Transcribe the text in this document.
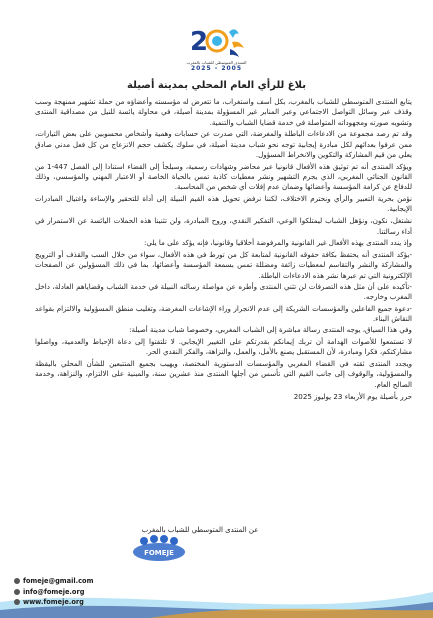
2
المنتدى المتوسطي للشباب بالمغرب
2025 - 2005
بلاغ للرأي العام المحلي بمدينة أصيلة

يتابع المنتدى المتوسطي للشباب بالمغرب، بكل أسف واستغراب، ما تتعرض له مؤسسته وأعضاؤه من حملة تشهير ممنهجة وسب وقذف عبر وسائل التواصل الاجتماعي وعبر المنابر غير المسؤولة بمدينة أصيلة، في محاولة يائسة للنيل من مصداقية المنتدى وتشويه صورته ومجهوداته المتواصلة في خدمة قضايا الشباب والتنمية.

وقد تم رصد مجموعة من الادعاءات الباطلة والمغرضة، التي صدرت عن حسابات وهمية وأشخاص محسوبين على بعض التيارات، ممن عرفوا بعدائهم لكل مبادرة إيجابية توجه نحو شباب مدينة أصيلة، في سلوك يكشف حجم الانزعاج من كل فعل مدني صادق يعلي من قيم المشاركة والتكوين والانخراط المسؤول.

ويؤكد المنتدى أنه تم توثيق هذه الأفعال قانونيا عبر محاضر وشهادات رسمية، وسيلجأ إلى القضاء استنادا إلى الفصل 447-1 من القانون الجنائي المغربي، الذي يجرم التشهير ونشر معطيات كاذبة تمس بالحياة الخاصة أو الاعتبار المهني والمؤسسي، وذلك للدفاع عن كرامة المؤسسة وأعضائها وضمان عدم إفلات أي شخص من المحاسبة.

نؤمن بحرية التعبير والرأي ونحترم الاختلاف، لكننا نرفض تحويل هذه القيم النبيلة إلى أداة للتحقير والإساءة واغتيال المبادرات الإيجابية.

نشتغل، نكون، ونؤهل الشباب ليمتلكوا الوعي، التفكير النقدي، وروح المبادرة، ولن تثنينا هذه الحملات اليائسة عن الاستمرار في أداء رسالتنا.

وإذ يندد المنتدى بهذه الأفعال غير القانونية والمرفوضة أخلاقيا وقانونيا، فإنه يؤكد على ما يلي:

-يؤكد المنتدى أنه يحتفظ بكافة حقوقه القانونية لمتابعة كل من تورط في هذه الأفعال، سواء من خلال السب والقذف أو الترويج والمشاركة والنشر والتقاسم لمعطيات زائفة ومضللة تمس بسمعة المؤسسة وأعضائها، بما في ذلك المسؤولين عن الصفحات الإلكترونية التي تم عبرها نشر هذه الادعاءات الباطلة.
-تأكيده على أن مثل هذه التصرفات لن تثني المنتدى وأطره عن مواصلة رسالته النبيلة في خدمة الشباب وقضاياهم العادلة، داخل المغرب وخارجه.
-دعوة جميع الفاعلين والمؤسسات الشريكة إلى عدم الانجرار وراء الإشاعات المغرضة، وتغليب منطق المسؤولية والالتزام بقواعد النقاش البناء.

وفي هذا السياق، يوجه المنتدى رسالة مباشرة إلى الشباب المغربي، وخصوصا شباب مدينة أصيلة:

لا تستمعوا للأصوات الهدامة أن تربك إيمانكم بقدرتكم على التغيير الإيجابي. لا تلتفتوا إلى دعاة الإحباط والعدمية، وواصلوا مشاركتكم، فكرا ومبادرة، لأن المستقبل يصنع بالأمل، والعمل، والنزاهة، والفكر النقدي الحر.

ويجدد المنتدى ثقته في القضاء المغربي والمؤسسات الدستورية المختصة، ويهيب بجميع المتتبعين للشأن المحلي باليقظة والمسؤولية، والوقوف إلى جانب القيم التي تأسس من أجلها المنتدى منذ عشرين سنة، والمبنية على الالتزام، والنزاهة، وخدمة الصالح العام.

حرر بأصيلة يوم الأربعاء 23 يوليوز 2025

عن المنتدى المتوسطي للشباب بالمغرب
FOMEJE
fomeje@gmail.com
info@fomeje.org
www.fomeje.org
